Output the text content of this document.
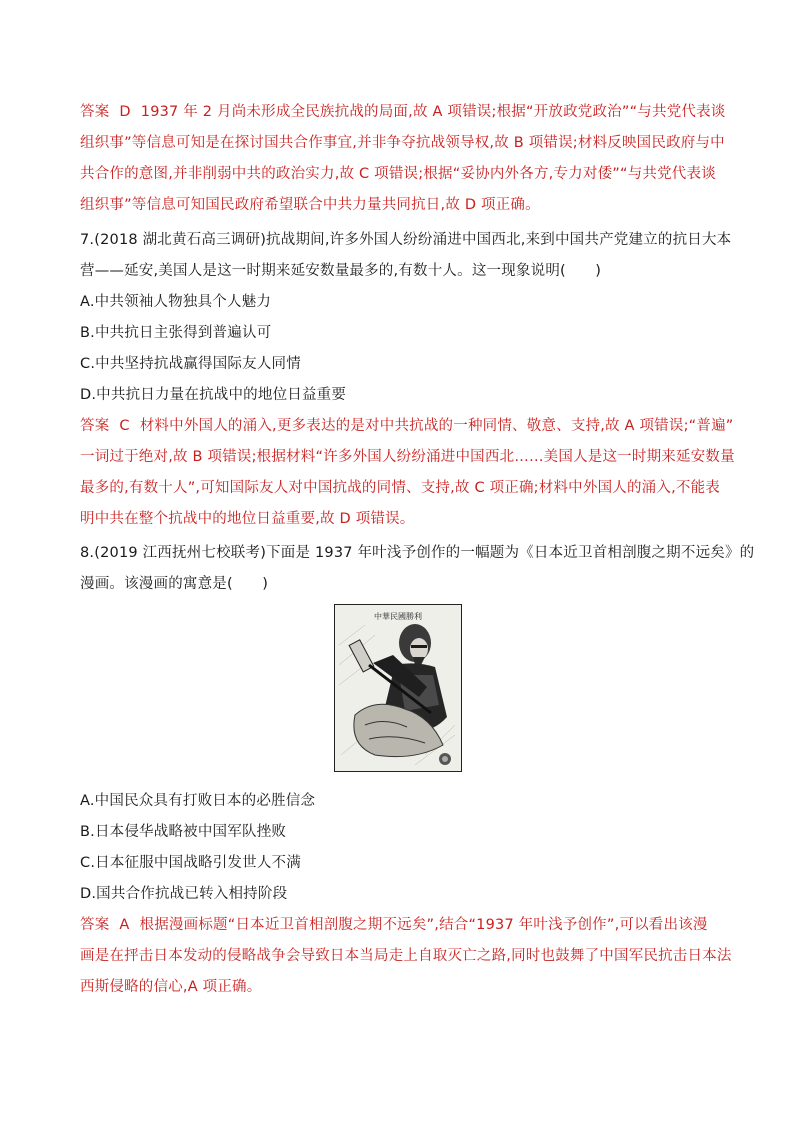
答案 D 1937 年 2 月尚未形成全民族抗战的局面,故 A 项错误;根据“开放政党政治”“与共党代表谈
组织事”等信息可知是在探讨国共合作事宜,并非争夺抗战领导权,故 B 项错误;材料反映国民政府与中
共合作的意图,并非削弱中共的政治实力,故 C 项错误;根据“妥协内外各方,专力对倭”“与共党代表谈
组织事”等信息可知国民政府希望联合中共力量共同抗日,故 D 项正确。
7.(2018 湖北黄石高三调研)抗战期间,许多外国人纷纷涌进中国西北,来到中国共产党建立的抗日大本
营——延安,美国人是这一时期来延安数量最多的,有数十人。这一现象说明(　　)
A.中共领袖人物独具个人魅力
B.中共抗日主张得到普遍认可
C.中共坚持抗战赢得国际友人同情
D.中共抗日力量在抗战中的地位日益重要
答案 C 材料中外国人的涌入,更多表达的是对中共抗战的一种同情、敬意、支持,故 A 项错误;“普遍”
一词过于绝对,故 B 项错误;根据材料“许多外国人纷纷涌进中国西北……美国人是这一时期来延安数量
最多的,有数十人”,可知国际友人对中国抗战的同情、支持,故 C 项正确;材料中外国人的涌入,不能表
明中共在整个抗战中的地位日益重要,故 D 项错误。
8.(2019 江西抚州七校联考)下面是 1937 年叶浅予创作的一幅题为《日本近卫首相剖腹之期不远矣》的
漫画。该漫画的寓意是(　　)
中華民國勝利
A.中国民众具有打败日本的必胜信念
B.日本侵华战略被中国军队挫败
C.日本征服中国战略引发世人不满
D.国共合作抗战已转入相持阶段
答案 A 根据漫画标题“日本近卫首相剖腹之期不远矣”,结合“1937 年叶浅予创作”,可以看出该漫
画是在抨击日本发动的侵略战争会导致日本当局走上自取灭亡之路,同时也鼓舞了中国军民抗击日本法
西斯侵略的信心,A 项正确。
